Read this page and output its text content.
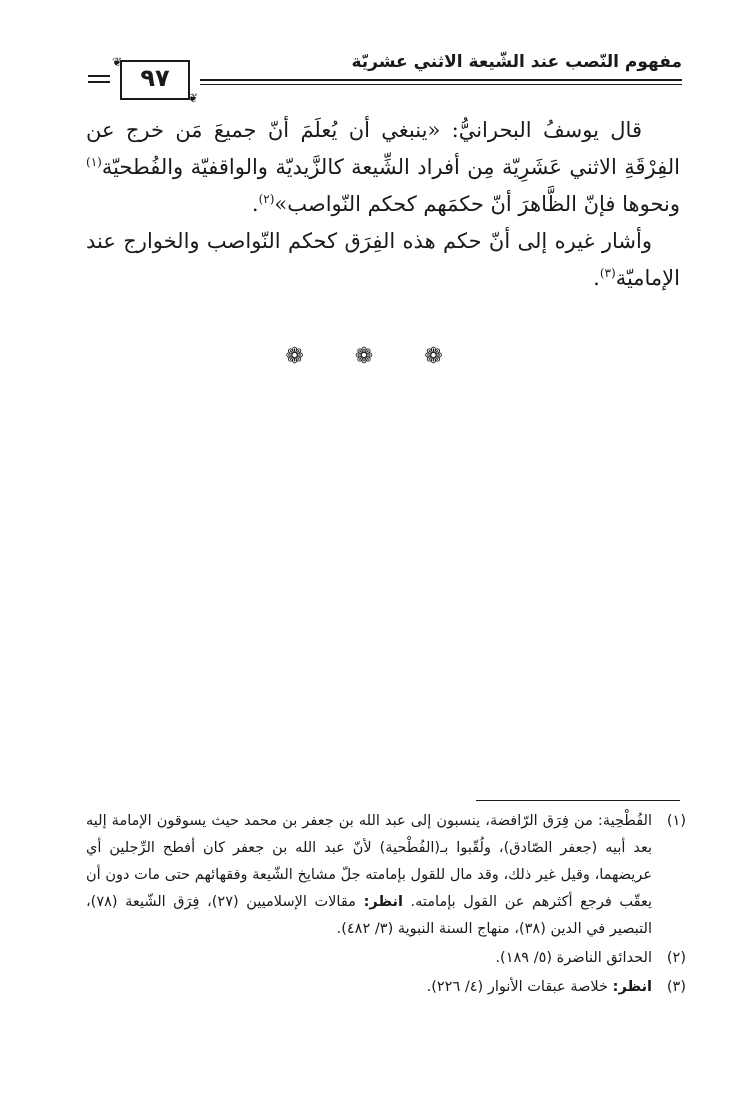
مفهوم النّصب عند الشّيعة الاثني عشريّة
❦
❦
٩٧

قال يوسفُ البحرانيُّ: «ينبغي أن يُعلَمَ أنّ جميعَ مَن خرج عن الفِرْقَةِ الاثني عَشَرِيّة مِن أفراد الشِّيعة كالزَّيديّة والواقفيّة والفُطحيّة$^{(١)}$ ونحوها فإنّ الظَّاهرَ أنّ حكمَهم كحكم النّواصب»$^{(٢)}$.

وأشار غيره إلى أنّ حكم هذه الفِرَق كحكم النّواصب والخوارج عند الإماميّة$^{(٣)}$.

❁ ❁ ❁
(١)
الفُطْحِية: من فِرَق الرّافضة، ينسبون إلى عبد الله بن جعفر بن محمد حيث يسوقون الإمامة إليه بعد أبيه (جعفر الصّادق)، ولُقّبوا بـ(الفُطْحية) لأنّ عبد الله بن جعفر كان أفطح الرِّجلين أي عريضهما، وقيل غير ذلك، وقد مال للقول بإمامته جلّ مشايخ الشّيعة وفقهائهم حتى مات دون أن يعقّب فرجع أكثرهم عن القول بإمامته. انظر: مقالات الإسلاميين (٢٧)، فِرَق الشّيعة (٧٨)، التبصير في الدين (٣٨)، منهاج السنة النبوية (٣/ ٤٨٢).
(٢)
الحدائق الناضرة (٥/ ١٨٩).
(٣)
انظر: خلاصة عبقات الأنوار (٤/ ٢٢٦).
